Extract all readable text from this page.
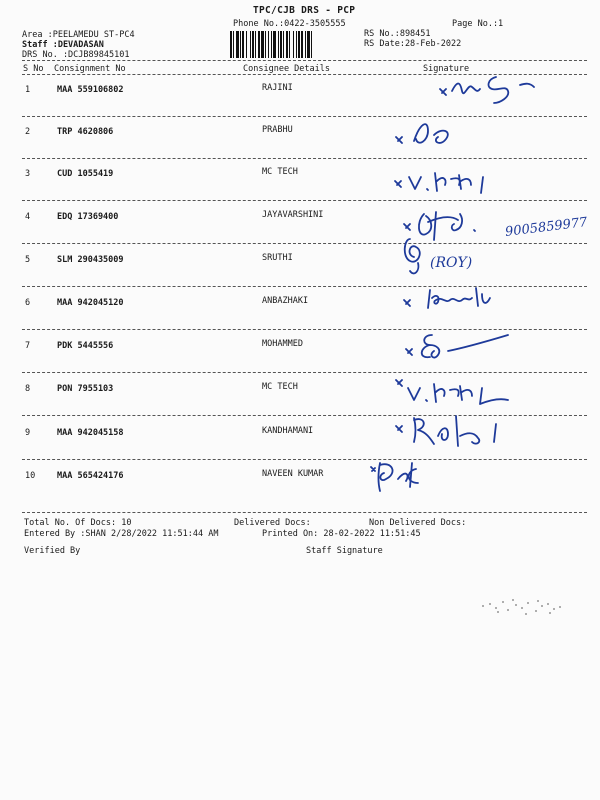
TPC/CJB DRS - PCP
Phone No.:0422-3505555	Page No.:1
Area :PEELAMEDU ST-PC4
Staff :DEVADASAN
DRS No. :DCJB89845101
RS No.:898451
RS Date:28-Feb-2022
S No Consignment No	Consignee Details	Signature
1	MAA 559106802	RAJINI
2	TRP 4620806	PRABHU
3	CUD 1055419	MC TECH
4	EDQ 17369400	JAYAVARSHINI
5	SLM 290435009	SRUTHI
6	MAA 942045120	ANBAZHAKI
7	PDK 5445556	MOHAMMED
8	PON 7955103	MC TECH
9	MAA 942045158	KANDHAMANI
10	MAA 565424176	NAVEEN KUMAR
9005859977
(ROY)
Total No. Of Docs: 10	Delivered Docs:	Non Delivered Docs:
Entered By :SHAN 2/28/2022 11:51:44 AM	Printed On: 28-02-2022 11:51:45
Verified By	Staff Signature
